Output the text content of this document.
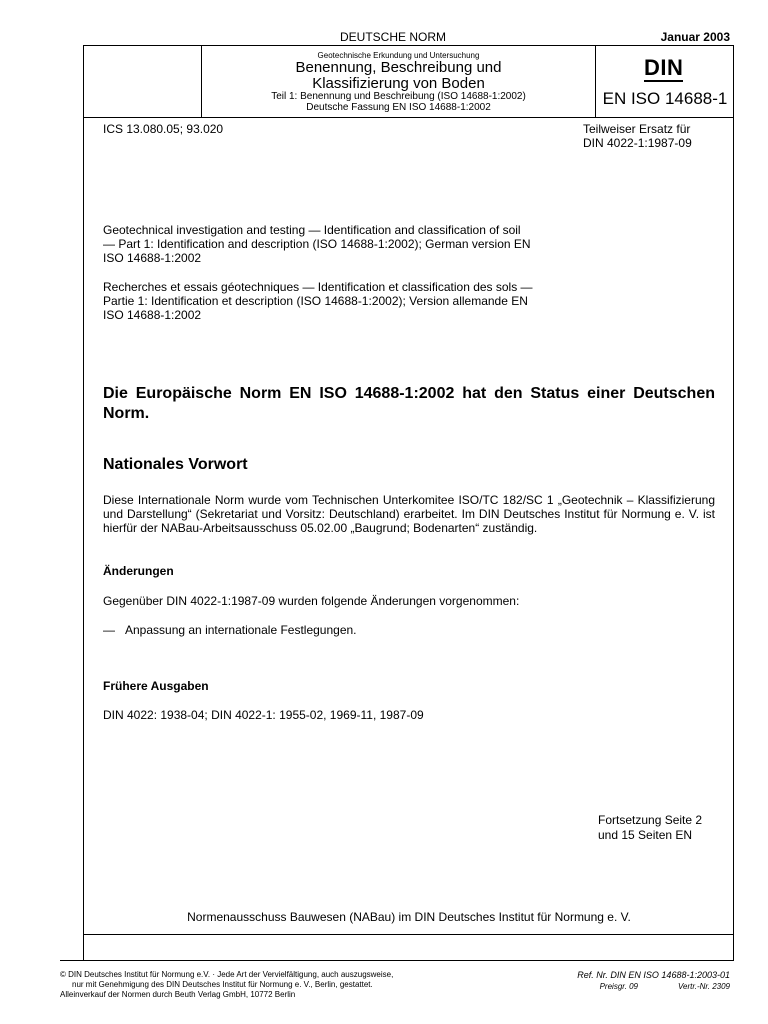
DEUTSCHE NORM	Januar 2003
Geotechnische Erkundung und Untersuchung
Benennung, Beschreibung und
Klassifizierung von Boden
Teil 1: Benennung und Beschreibung (ISO 14688-1:2002)
Deutsche Fassung EN ISO 14688-1:2002
DIN
EN ISO 14688-1
ICS 13.080.05; 93.020	Teilweiser Ersatz für
DIN 4022-1:1987-09
Geotechnical investigation and testing — Identification and classification of soil — Part 1: Identification and description (ISO 14688-1:2002); German version EN ISO 14688-1:2002
Recherches et essais géotechniques — Identification et classification des sols — Partie 1: Identification et description (ISO 14688-1:2002); Version allemande EN ISO 14688-1:2002
Die Europäische Norm EN ISO 14688-1:2002 hat den Status einer Deutschen Norm.
Nationales Vorwort
Diese Internationale Norm wurde vom Technischen Unterkomitee ISO/TC 182/SC 1 „Geotechnik – Klassifizierung und Darstellung“ (Sekretariat und Vorsitz: Deutschland) erarbeitet. Im DIN Deutsches Institut für Normung e. V. ist hierfür der NABau-Arbeitsausschuss 05.02.00 „Baugrund; Bodenarten“ zuständig.
Änderungen
Gegenüber DIN 4022-1:1987-09 wurden folgende Änderungen vorgenommen:
— Anpassung an internationale Festlegungen.
Frühere Ausgaben
DIN 4022: 1938-04; DIN 4022-1: 1955-02, 1969-11, 1987-09
Fortsetzung Seite 2
und 15 Seiten EN
Normenausschuss Bauwesen (NABau) im DIN Deutsches Institut für Normung e. V.
© DIN Deutsches Institut für Normung e.V. · Jede Art der Vervielfältigung, auch auszugsweise,
nur mit Genehmigung des DIN Deutsches Institut für Normung e. V., Berlin, gestattet.
Alleinverkauf der Normen durch Beuth Verlag GmbH, 10772 Berlin
Ref. Nr. DIN EN ISO 14688-1:2003-01
Preisgr. 09	Vertr.-Nr. 2309
